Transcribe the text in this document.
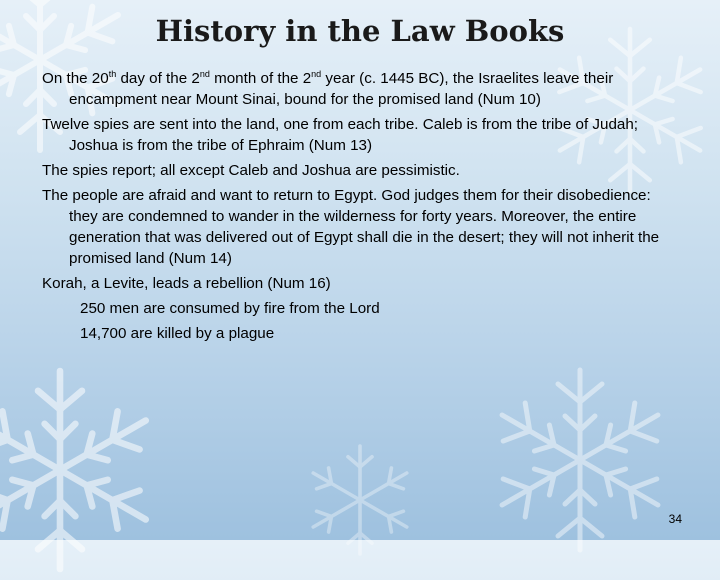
History in the Law Books

On the 20th day of the 2nd month of the 2nd year (c. 1445 BC), the Israelites leave their encampment near Mount Sinai, bound for the promised land (Num 10)

Twelve spies are sent into the land, one from each tribe. Caleb is from the tribe of Judah; Joshua is from the tribe of Ephraim (Num 13)

The spies report; all except Caleb and Joshua are pessimistic.

The people are afraid and want to return to Egypt. God judges them for their disobedience: they are condemned to wander in the wilderness for forty years. Moreover, the entire generation that was delivered out of Egypt shall die in the desert; they will not inherit the promised land (Num 14)

Korah, a Levite, leads a rebellion (Num 16)

250 men are consumed by fire from the Lord

14,700 are killed by a plague

34
